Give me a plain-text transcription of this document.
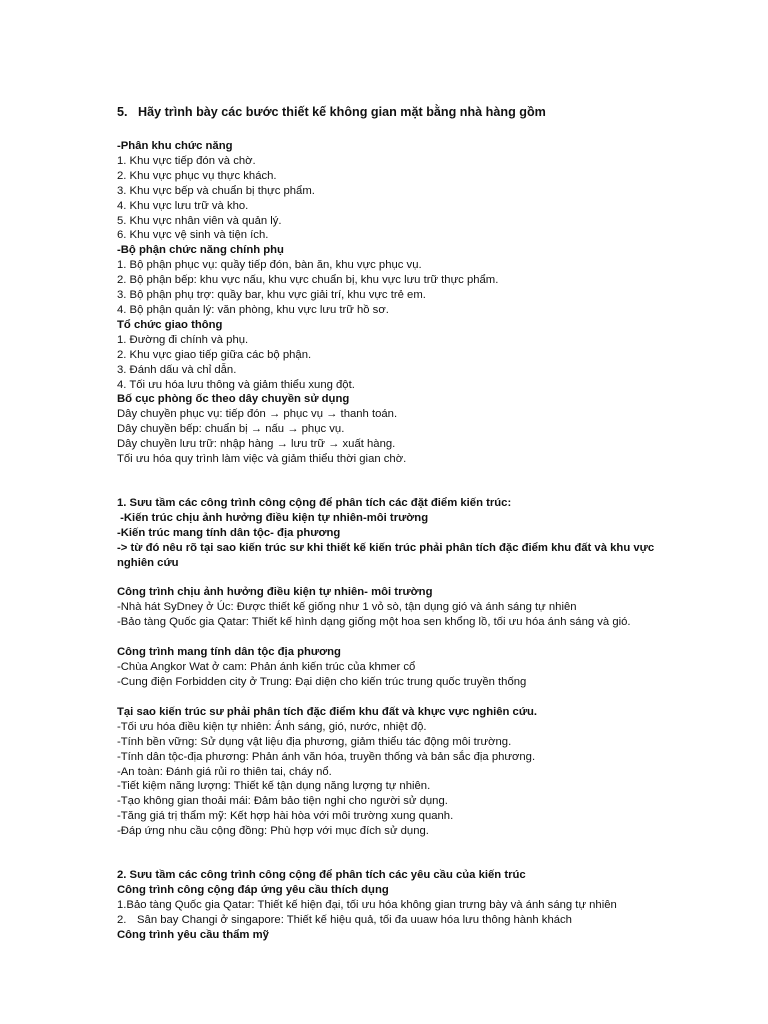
5. Hãy trình bày các bước thiết kế không gian mặt bằng nhà hàng gồm
-Phân khu chức năng
1. Khu vực tiếp đón và chờ.
2. Khu vực phục vụ thực khách.
3. Khu vực bếp và chuẩn bị thực phẩm.
4. Khu vực lưu trữ và kho.
5. Khu vực nhân viên và quản lý.
6. Khu vực vệ sinh và tiện ích.
-Bộ phận chức năng chính phụ
1. Bộ phận phục vụ: quầy tiếp đón, bàn ăn, khu vực phục vụ.
2. Bộ phận bếp: khu vực nấu, khu vực chuẩn bị, khu vực lưu trữ thực phẩm.
3. Bộ phận phụ trợ: quầy bar, khu vực giải trí, khu vực trẻ em.
4. Bộ phận quản lý: văn phòng, khu vực lưu trữ hồ sơ.
Tổ chức giao thông
1. Đường đi chính và phụ.
2. Khu vực giao tiếp giữa các bộ phận.
3. Đánh dấu và chỉ dẫn.
4. Tối ưu hóa lưu thông và giảm thiểu xung đột.
Bố cục phòng ốc theo dây chuyền sử dụng
Dây chuyền phục vụ: tiếp đón → phục vụ → thanh toán.
Dây chuyền bếp: chuẩn bị → nấu → phục vụ.
Dây chuyền lưu trữ: nhập hàng → lưu trữ → xuất hàng.
Tối ưu hóa quy trình làm việc và giảm thiểu thời gian chờ.
1. Sưu tầm các công trình công cộng để phân tích các đặt điểm kiến trúc:
-Kiến trúc chịu ảnh hưởng điều kiện tự nhiên-môi trường
-Kiến trúc mang tính dân tộc- địa phương
-> từ đó nêu rõ tại sao kiến trúc sư khi thiết kế kiến trúc phải phân tích đặc điểm khu đất và khu vực nghiên cứu
Công trình chịu ảnh hưởng điều kiện tự nhiên- môi trường
-Nhà hát SyDney ở Úc: Được thiết kế giống như 1 vỏ sò, tận dụng gió và ánh sáng tự nhiên
-Bảo tàng Quốc gia Qatar: Thiết kế hình dạng giống một hoa sen khổng lồ, tối ưu hóa ánh sáng và gió.
Công trình mang tính dân tộc địa phương
-Chùa Angkor Wat ở cam: Phản ánh kiến trúc của khmer cổ
-Cung điện Forbidden city ở Trung: Đại diện cho kiến trúc trung quốc truyền thống
Tại sao kiến trúc sư phải phân tích đặc điểm khu đất và khực vực nghiên cứu.
-Tối ưu hóa điều kiện tự nhiên: Ánh sáng, gió, nước, nhiệt độ.
-Tính bền vững: Sử dụng vật liệu địa phương, giảm thiểu tác động môi trường.
-Tính dân tộc-địa phương: Phản ánh văn hóa, truyền thống và bản sắc địa phương.
-An toàn: Đánh giá rủi ro thiên tai, cháy nổ.
-Tiết kiệm năng lượng: Thiết kế tận dụng năng lượng tự nhiên.
-Tạo không gian thoải mái: Đảm bảo tiện nghi cho người sử dụng.
-Tăng giá trị thẩm mỹ: Kết hợp hài hòa với môi trường xung quanh.
-Đáp ứng nhu cầu cộng đồng: Phù hợp với mục đích sử dụng.
2. Sưu tầm các công trình công cộng để phân tích các yêu cầu của kiến trúc
Công trình công cộng đáp ứng yêu cầu thích dụng
1.Bảo tàng Quốc gia Qatar: Thiết kế hiện đại, tối ưu hóa không gian trưng bày và ánh sáng tự nhiên
2. Sân bay Changi ở singapore: Thiết kế hiệu quả, tối đa uuaw hóa lưu thông hành khách
Công trình yêu cầu thẩm mỹ
